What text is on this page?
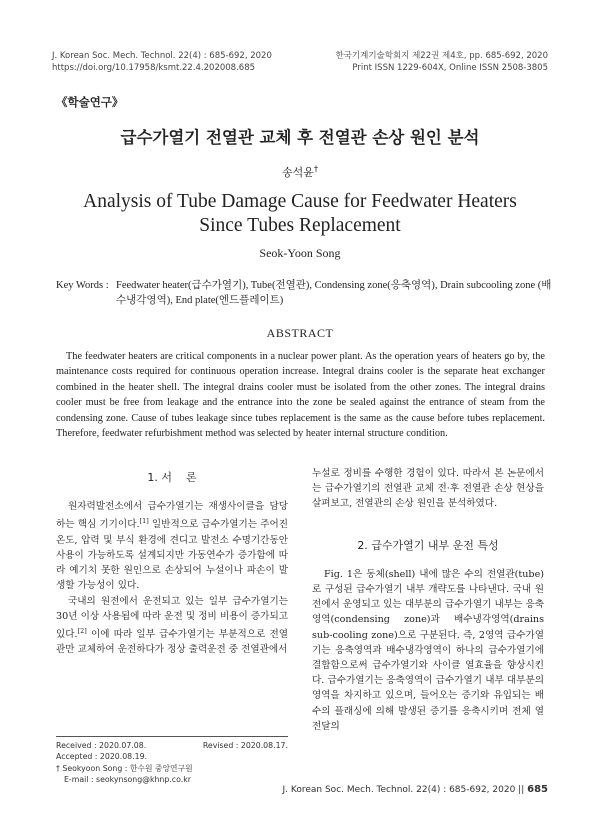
J. Korean Soc. Mech. Technol. 22(4) : 685-692, 2020
https://doi.org/10.17958/ksmt.22.4.202008.685
한국기계기술학회지 제22권 제4호, pp. 685-692, 2020
Print ISSN 1229-604X, Online ISSN 2508-3805
《학술연구》
급수가열기 전열관 교체 후 전열관 손상 원인 분석
송석윤†
Analysis of Tube Damage Cause for Feedwater Heaters
Since Tubes Replacement
Seok-Yoon Song
Key Words : Feedwater heater(급수가열기), Tube(전열관), Condensing zone(응축영역), Drain subcooling zone (배수냉각영역), End plate(엔드플레이트)
ABSTRACT

The feedwater heaters are critical components in a nuclear power plant. As the operation years of heaters go by, the maintenance costs required for continuous operation increase. Integral drains cooler is the separate heat exchanger combined in the heater shell. The integral drains cooler must be isolated from the other zones. The integral drains cooler must be free from leakage and the entrance into the zone be sealed against the entrance of steam from the condensing zone. Cause of tubes leakage since tubes replacement is the same as the cause before tubes replacement. Therefore, feedwater refurbishment method was selected by heater internal structure condition.

1. 서    론

원자력발전소에서 급수가열기는 재생사이클을 담당하는 핵심 기기이다.[1] 일반적으로 급수가열기는 주어진 온도, 압력 및 부식 환경에 견디고 발전소 수명기간동안 사용이 가능하도록 설계되지만 가동연수가 증가함에 따라 예기치 못한 원인으로 손상되어 누설이나 파손이 발생할 가능성이 있다.

국내의 원전에서 운전되고 있는 일부 급수가열기는 30년 이상 사용됨에 따라 운전 및 정비 비용이 증가되고 있다.[2] 이에 따라 일부 급수가열기는 부분적으로 전열관만 교체하여 운전하다가 정상 출력운전 중 전열관에서

누설로 정비를 수행한 경험이 있다. 따라서 본 논문에서는 급수가열기의 전열관 교체 전·후 전열관 손상 현상을 살펴보고, 전열관의 손상 원인을 분석하였다.

2. 급수가열기 내부 운전 특성

Fig. 1은 동체(shell) 내에 많은 수의 전열관(tube)로 구성된 급수가열기 내부 개략도를 나타낸다. 국내 원전에서 운영되고 있는 대부분의 급수가열기 내부는 응축영역(condensing zone)과 배수냉각영역(drains sub-cooling zone)으로 구분된다. 즉, 2영역 급수가열기는 응축영역과 배수냉각영역이 하나의 급수가열기에 결합함으로써 급수가열기와 사이클 열효율을 향상시킨다. 급수가열기는 응축영역이 급수가열기 내부 대부분의 영역을 차지하고 있으며, 들어오는 증기와 유입되는 배수의 플래싱에 의해 발생된 증기를 응축시키며 전체 열전달의

Received : 2020.07.08.	Revised : 2020.08.17.
Accepted : 2020.08.19.
† Seokyoon Song : 한수원 중앙연구원
E-mail : seokynsong@khnp.co.kr
J. Korean Soc. Mech. Technol. 22(4) : 685-692, 2020 || 685
